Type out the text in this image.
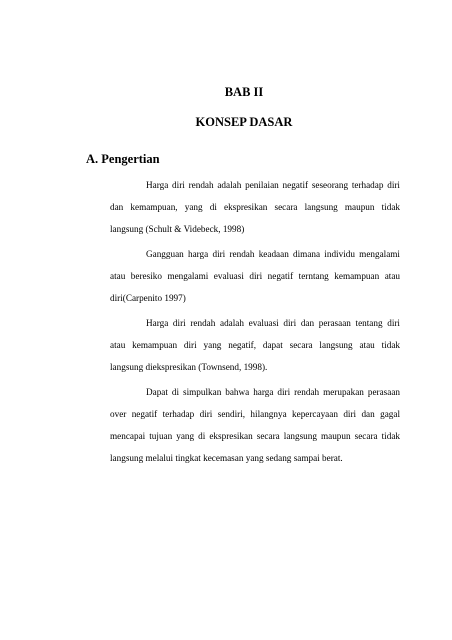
BAB II
KONSEP DASAR
A. Pengertian
Harga diri rendah adalah penilaian negatif seseorang terhadap diri
dan kemampuan, yang di ekspresikan secara langsung maupun tidak
langsung (Schult & Videbeck, 1998)
Gangguan harga diri rendah keadaan dimana individu mengalami
atau beresiko mengalami evaluasi diri negatif terntang kemampuan atau
diri(Carpenito 1997)
Harga diri rendah adalah evaluasi diri dan perasaan tentang diri
atau kemampuan diri yang negatif, dapat secara langsung atau tidak
langsung diekspresikan (Townsend, 1998).
Dapat di simpulkan bahwa harga diri rendah merupakan perasaan
over negatif terhadap diri sendiri, hilangnya kepercayaan diri dan gagal
mencapai tujuan yang di ekspresikan secara langsung maupun secara tidak
langsung melalui tingkat kecemasan yang sedang sampai berat.
